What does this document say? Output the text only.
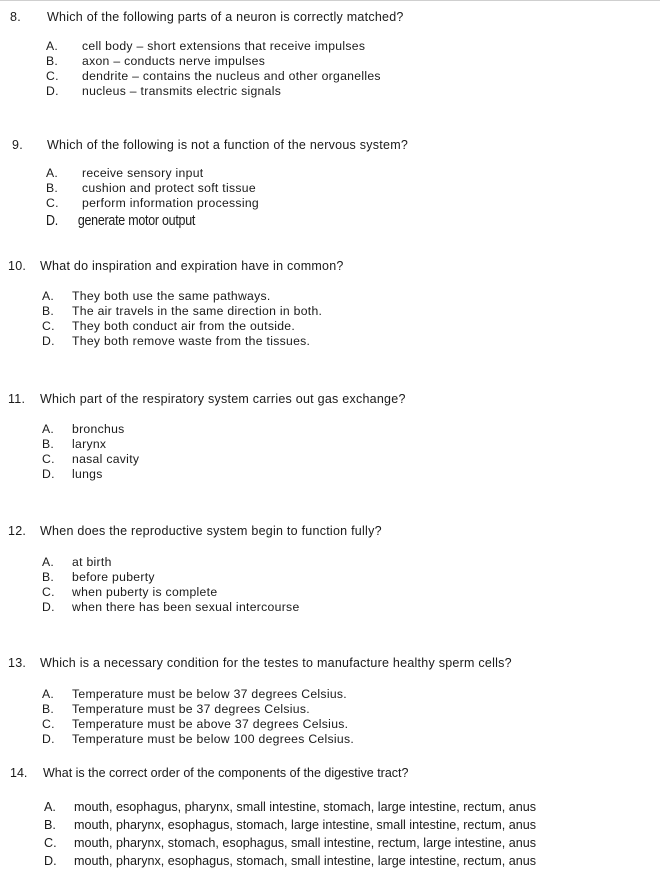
8. Which of the following parts of a neuron is correctly matched?
A. cell body – short extensions that receive impulses
B. axon – conducts nerve impulses
C. dendrite – contains the nucleus and other organelles
D. nucleus – transmits electric signals
9. Which of the following is not a function of the nervous system?
A. receive sensory input
B. cushion and protect soft tissue
C. perform information processing
D. generate motor output
10. What do inspiration and expiration have in common?
A. They both use the same pathways.
B. The air travels in the same direction in both.
C. They both conduct air from the outside.
D. They both remove waste from the tissues.
11. Which part of the respiratory system carries out gas exchange?
A. bronchus
B. larynx
C. nasal cavity
D. lungs
12. When does the reproductive system begin to function fully?
A. at birth
B. before puberty
C. when puberty is complete
D. when there has been sexual intercourse
13. Which is a necessary condition for the testes to manufacture healthy sperm cells?
A. Temperature must be below 37 degrees Celsius.
B. Temperature must be 37 degrees Celsius.
C. Temperature must be above 37 degrees Celsius.
D. Temperature must be below 100 degrees Celsius.
14. What is the correct order of the components of the digestive tract?
A. mouth, esophagus, pharynx, small intestine, stomach, large intestine, rectum, anus
B. mouth, pharynx, esophagus, stomach, large intestine, small intestine, rectum, anus
C. mouth, pharynx, stomach, esophagus, small intestine, rectum, large intestine, anus
D. mouth, pharynx, esophagus, stomach, small intestine, large intestine, rectum, anus
